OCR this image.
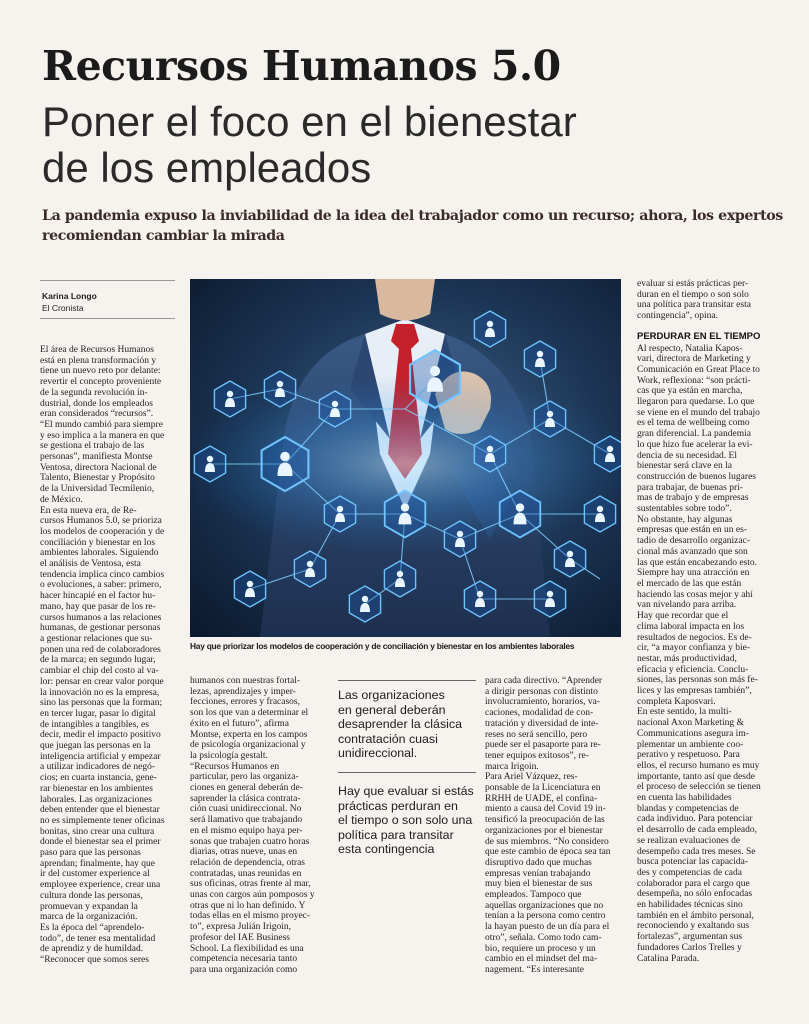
Recursos Humanos 5.0
Poner el foco en el bienestar
de los empleados
La pandemia expuso la inviabilidad de la idea del trabajador como un recurso; ahora, los expertos
recomiendan cambiar la mirada
Karina Longo
El Cronista
Hay que priorizar los modelos de cooperación y de conciliación y bienestar en los ambientes laborales
El área de Recursos Humanos
está en plena transformación y
tiene un nuevo reto por delante:
revertir el concepto proveniente
de la segunda revolución in-
dustrial, donde los empleados
eran considerados “recursos”.
“El mundo cambió para siempre
y eso implica a la manera en que
se gestiona el trabajo de las
personas”, manifiesta Montse
Ventosa, directora Nacional de
Talento, Bienestar y Propósito
de la Universidad Tecmilenio,
de México.
En esta nueva era, de Re-
cursos Humanos 5.0, se prioriza
los modelos de cooperación y de
conciliación y bienestar en los
ambientes laborales. Siguiendo
el análisis de Ventosa, esta
tendencia implica cinco cambios
o evoluciones, a saber: primero,
hacer hincapié en el factor hu-
mano, hay que pasar de los re-
cursos humanos a las relaciones
humanas, de gestionar personas
a gestionar relaciones que su-
ponen una red de colaboradores
de la marca; en segundo lugar,
cambiar el chip del costo al va-
lor: pensar en crear valor porque
la innovación no es la empresa,
sino las personas que la forman;
en tercer lugar, pasar lo digital
de intangibles a tangibles, es
decir, medir el impacto positivo
que juegan las personas en la
inteligencia artificial y empezar
a utilizar indicadores de negó-
cios; en cuarta instancia, gene-
rar bienestar en los ambientes
laborales. Las organizaciones
deben entender que el bienestar
no es simplemente tener oficinas
bonitas, sino crear una cultura
donde el bienestar sea el primer
paso para que las personas
aprendan; finalmente, hay que
ir del customer experience al
employee experience, crear una
cultura donde las personas,
promuevan y expandan la
marca de la organización.
Es la época del “aprendelo-
todo”, de tener esa mentalidad
de aprendiz y de humildad.
“Reconocer que somos seres
humanos con nuestras fortal-
lezas, aprendizajes y imper-
fecciones, errores y fracasos,
son los que van a determinar el
éxito en el futuro”, afirma
Montse, experta en los campos
de psicología organizacional y
la psicología gestalt.
“Recursos Humanos en
particular, pero las organiza-
ciones en general deberán de-
saprender la clásica contrata-
ción cuasi unidireccional. No
será llamativo que trabajando
en el mismo equipo haya per-
sonas que trabajen cuatro horas
diarias, otras nueve, unas en
relación de dependencia, otras
contratadas, unas reunidas en
sus oficinas, otras frente al mar,
unas con cargos aún pomposos y
otras que ni lo han definido. Y
todas ellas en el mismo proyec-
to”, expresa Julián Irigoin,
profesor del IAE Business
School. La flexibilidad es una
competencia necesaria tanto
para una organización como
Las organizaciones
en general deberán
desaprender la clásica
contratación cuasi
unidireccional.
Hay que evaluar si estás
prácticas perduran en
el tiempo o son solo una
política para transitar
esta contingencia
para cada directivo. “Aprender
a dirigir personas con distinto
involucramiento, horarios, va-
caciones, modalidad de con-
tratación y diversidad de inte-
reses no será sencillo, pero
puede ser el pasaporte para re-
tener equipos exitosos”, re-
marca Irigoin.
Para Ariel Vázquez, res-
ponsable de la Licenciatura en
RRHH de UADE, el confina-
miento a causa del Covid 19 in-
tensificó la preocupación de las
organizaciones por el bienestar
de sus miembros. “No considero
que este cambio de época sea tan
disruptivo dado que muchas
empresas venían trabajando
muy bien el bienestar de sus
empleados. Tampoco que
aquellas organizaciones que no
tenían a la persona como centro
la hayan puesto de un día para el
otro”, señala. Como todo cam-
bio, requiere un proceso y un
cambio en el mindset del ma-
nagement. “Es interesante
evaluar si estás prácticas per-
duran en el tiempo o son solo
una política para transitar esta
contingencia”, opina.
PERDURAR EN EL TIEMPO
Al respecto, Natalia Kapos-
vari, directora de Marketing y
Comunicación en Great Place to
Work, reflexiona: “son prácti-
cas que ya están en marcha,
llegaron para quedarse. Lo que
se viene en el mundo del trabajo
es el tema de wellbeing como
gran diferencial. La pandemia
lo que hizo fue acelerar la evi-
dencia de su necesidad. El
bienestar será clave en la
construcción de buenos lugares
para trabajar, de buenas pri-
mas de trabajo y de empresas
sustentables sobre todo”.
No obstante, hay algunas
empresas que están en un es-
tadio de desarrollo organizac-
cional más avanzado que son
las que están encabezando esto.
Siempre hay una atracción en
el mercado de las que están
haciendo las cosas mejor y ahí
van nivelando para arriba.
Hay que recordar que el
clima laboral impacta en los
resultados de negocios. Es de-
cir, “a mayor confianza y bie-
nestar, más productividad,
eficacia y eficiencia. Conclu-
siones, las personas son más fe-
lices y las empresas también”,
completa Kaposvari.
En este sentido, la multi-
nacional Axon Marketing &
Communications asegura im-
plementar un ambiente coo-
perativo y respetuoso. Para
ellos, el recurso humano es muy
importante, tanto así que desde
el proceso de selección se tienen
en cuenta las habilidades
blandas y competencias de
cada individuo. Para potenciar
el desarrollo de cada empleado,
se realizan evaluaciones de
desempeño cada tres meses. Se
busca potenciar las capacida-
des y competencias de cada
colaborador para el cargo que
desempeña, no sólo enfocadas
en habilidades técnicas sino
también en el ámbito personal,
reconociendo y exaltando sus
fortalezas”, argumentan sus
fundadores Carlos Trelles y
Catalina Parada.
